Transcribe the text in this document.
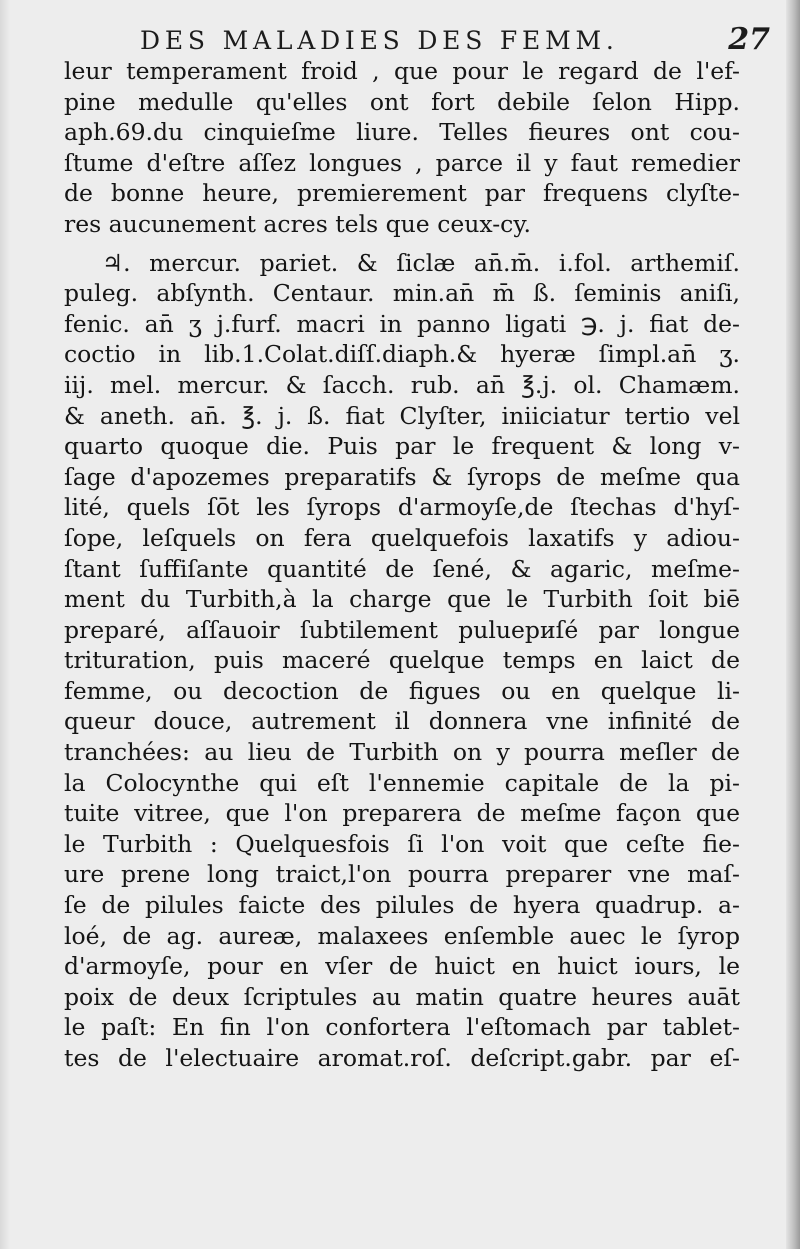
DES MALADIES DES FEMM.	27
leur temperament froid , que pour le regard de l'ef-
pine medulle qu'elles ont fort debile ſelon Hipp.
aph.69.du cinquieſme liure. Telles fieures ont cou-
ſtume d'eſtre aſſez longues , parce il y faut remedier
de bonne heure, premierement par frequens clyſte-
res aucunement acres tels que ceux-cy.
♃. mercur. pariet. & ſiclæ an̄.m̄. i.fol. arthemiſ.
puleg. abſynth. Centaur. min.an̄ m̄ ß. ſeminis aniſi,
fenic. an̄ ʒ j.furf. macri in panno ligati ℈. j. fiat de-
coctio in lib.1.Colat.diſſ.diaph.& hyeræ ſimpl.an̄ ʒ.
iij. mel. mercur. & ſacch. rub. an̄ ℥.j. ol. Chamæm.
& aneth. an̄. ℥. j. ß. fiat Clyſter, iniiciatur tertio vel
quarto quoque die. Puis par le frequent & long v-
ſage d'apozemes preparatifs & ſyrops de meſme qua
lité, quels ſōt les ſyrops d'armoyſe,de ſtechas d'hyſ-
ſope, leſquels on fera quelquefois laxatifs y adiou-
ſtant ſuffiſante quantité de ſené, & agaric, meſme-
ment du Turbith,à la charge que le Turbith ſoit biē
preparé, aſſauoir ſubtilement puluериſé par longue
trituration, puis maceré quelque temps en laict de
femme, ou decoction de figues ou en quelque li-
queur douce, autrement il donnera vne infinité de
tranchées: au lieu de Turbith on y pourra meſler de
la Colocynthe qui eſt l'ennemie capitale de la pi-
tuite vitree, que l'on preparera de meſme façon que
le Turbith : Quelquesfois ſi l'on voit que ceſte fie-
ure prene long traict,l'on pourra preparer vne maſ-
ſe de pilules faicte des pilules de hyera quadrup. a-
loé, de ag. aureæ, malaxees enſemble auec le ſyrop
d'armoyſe, pour en vſer de huict en huict iours, le
poix de deux ſcriptules au matin quatre heures auāt
le paſt: En fin l'on confortera l'eſtomach par tablet-
tes de l'electuaire aromat.roſ. deſcript.gabr. par eſ-
